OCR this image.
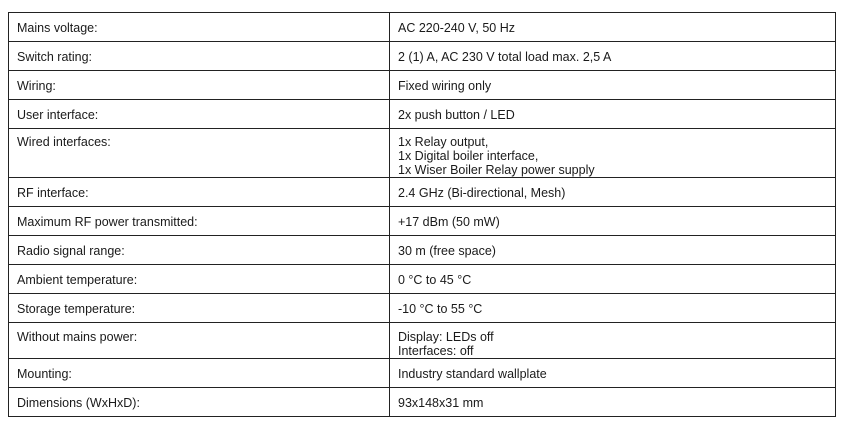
Mains voltage:	AC 220-240 V, 50 Hz

Switch rating:	2 (1) A, AC 230 V total load max. 2,5 A

Wiring:	Fixed wiring only

User interface:	2x push button / LED

Wired interfaces:	1x Relay output,
1x Digital boiler interface,
1x Wiser Boiler Relay power supply

RF interface:	2.4 GHz (Bi-directional, Mesh)

Maximum RF power transmitted:	+17 dBm (50 mW)

Radio signal range:	30 m (free space)

Ambient temperature:	0 °C to 45 °C

Storage temperature:	-10 °C to 55 °C

Without mains power:	Display: LEDs off
Interfaces: off

Mounting:	Industry standard wallplate

Dimensions (WxHxD):	93x148x31 mm
